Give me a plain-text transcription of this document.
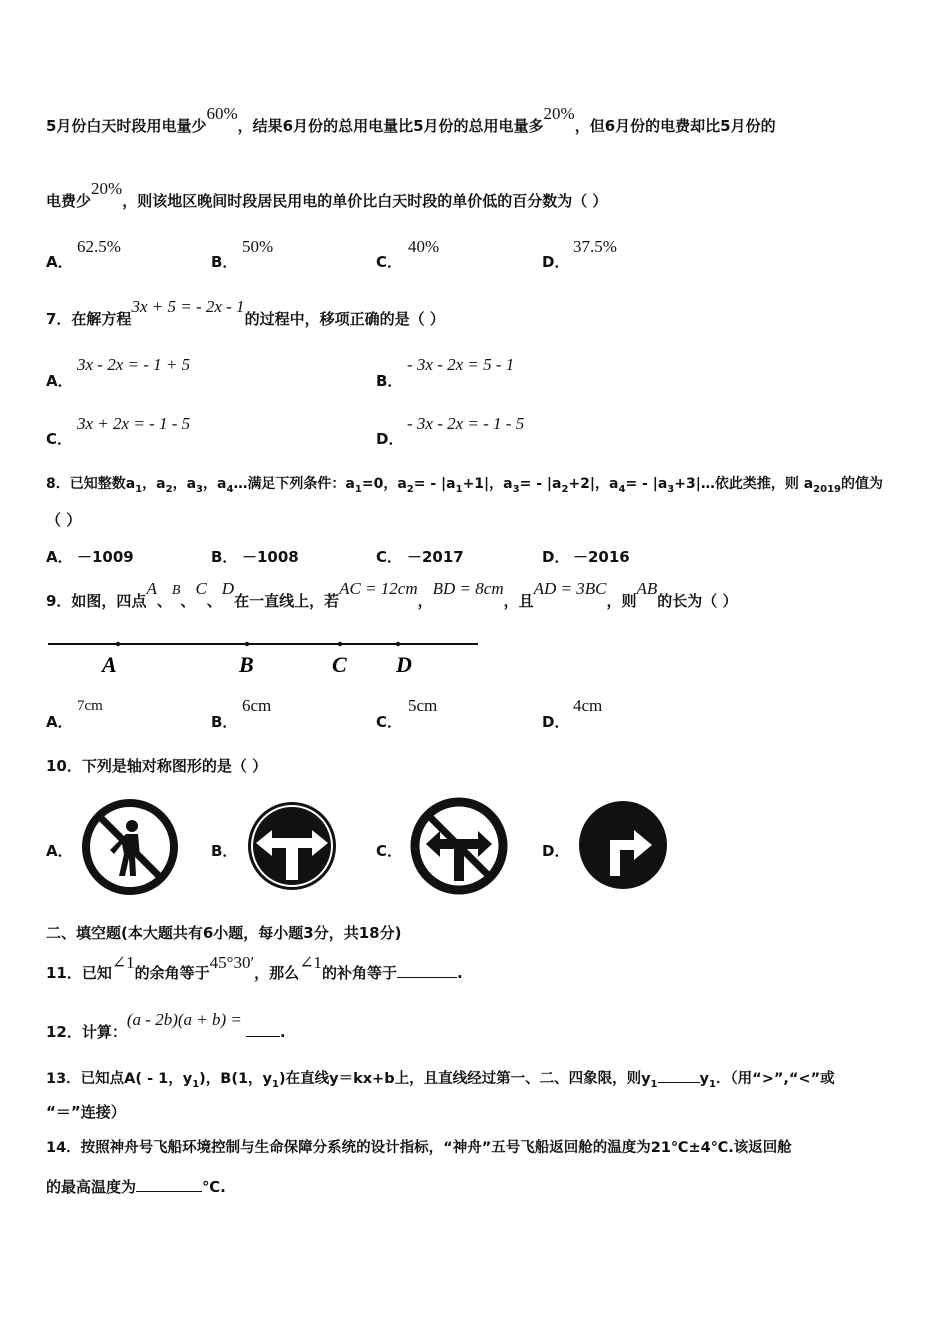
5月份白天时段用电量少60%，结果6月份的总用电量比5月份的总用电量多20%，但6月份的电费却比5月份的
电费少20%，则该地区晚间时段居民用电的单价比白天时段的单价低的百分数为（ ）
A．
62.5%
B．
50%
C．
40%
D．
37.5%
7．在解方程3x + 5 = - 2x - 1的过程中，移项正确的是（ ）
A．
3x - 2x = - 1 + 5
B．
- 3x - 2x = 5 - 1
C．
3x + 2x = - 1 - 5
D．
- 3x - 2x = - 1 - 5
8．已知整数$a_1$，$a_2$，$a_3$，$a_4\dots$满足下列条件：$a_1=0$，$a_2= - |a_1+1|$，$a_3= - |a_2+2|$，$a_4=$ - $|a_3+3|\dots$依此类推，则 $a_{2019}$的值为
（ ）
A． －1009	B． －1008	C． －2017	D． －2016
9．如图，四点A、B、C、D在一直线上，若AC = 12cm，BD = 8cm，且AD = 3BC，则AB的长为（ ）
A	B	C D
A．
7cm
B．
6cm
C．
5cm
D．
4cm
10．下列是轴对称图形的是（ ）
A．	B．	C．	D．
二、填空题(本大题共有6小题，每小题3分，共18分)
11．已知∠1的余角等于45°30′，那么∠1的补角等于	.
12．计算：(a - 2b)(a + b) =.
13．已知点A( - 1，$y_1$)，B(1，$y_1$)在直线y＝kx+b上，且直线经过第一、二、四象限，则$y_1$	$y_1$．（用“>”,“<”或
“＝”连接）
14．按照神舟号飞船环境控制与生命保障分系统的设计指标，“神舟”五号飞船返回舱的温度为21℃±4℃.该返回舱
的最高温度为	℃.
